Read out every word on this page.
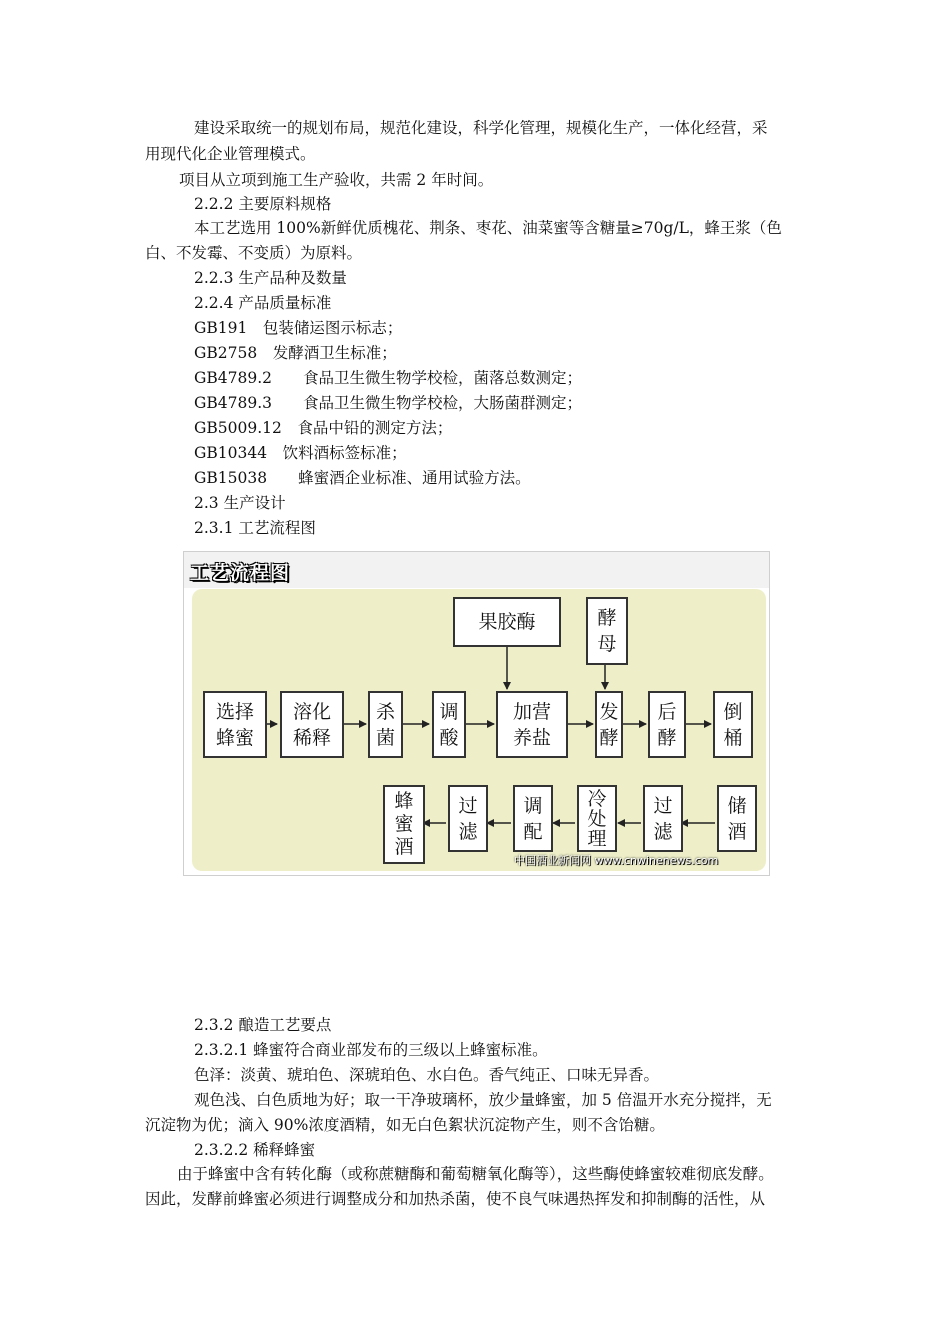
建设采取统一的规划布局，规范化建设，科学化管理，规模化生产，一体化经营，采
用现代化企业管理模式。
项目从立项到施工生产验收，共需 2 年时间。
2.2.2 主要原料规格
本工艺选用 100%新鲜优质槐花、荆条、枣花、油菜蜜等含糖量≥70g/L，蜂王浆（色
白、不发霉、不变质）为原料。
2.2.3 生产品种及数量
2.2.4 产品质量标准
GB191　包装储运图示标志；
GB2758　发酵酒卫生标准；
GB4789.2　　食品卫生微生物学校检，菌落总数测定；
GB4789.3　　食品卫生微生物学校检，大肠菌群测定；
GB5009.12　食品中铅的测定方法；
GB10344　饮料酒标签标准；
GB15038　　蜂蜜酒企业标准、通用试验方法。
2.3 生产设计
2.3.1 工艺流程图
工艺流程图
果胶酶	酵
母
选择
蜂蜜
溶化
稀释
杀
菌
调
酸
加营
养盐
发
酵
后
酵
倒
桶
蜂
蜜
酒
过
滤
调
配
冷
处
理
过
滤
储
酒
中国酒业新闻网 www.cnwinenews.com
2.3.2 酿造工艺要点
2.3.2.1 蜂蜜符合商业部发布的三级以上蜂蜜标准。
色泽：淡黄、琥珀色、深琥珀色、水白色。香气纯正、口味无异香。
观色浅、白色质地为好；取一干净玻璃杯，放少量蜂蜜，加 5 倍温开水充分搅拌，无
沉淀物为优；滴入 90%浓度酒精，如无白色絮状沉淀物产生，则不含饴糖。
2.3.2.2 稀释蜂蜜
由于蜂蜜中含有转化酶（或称蔗糖酶和葡萄糖氧化酶等），这些酶使蜂蜜较难彻底发酵。
因此，发酵前蜂蜜必须进行调整成分和加热杀菌，使不良气味遇热挥发和抑制酶的活性，从
